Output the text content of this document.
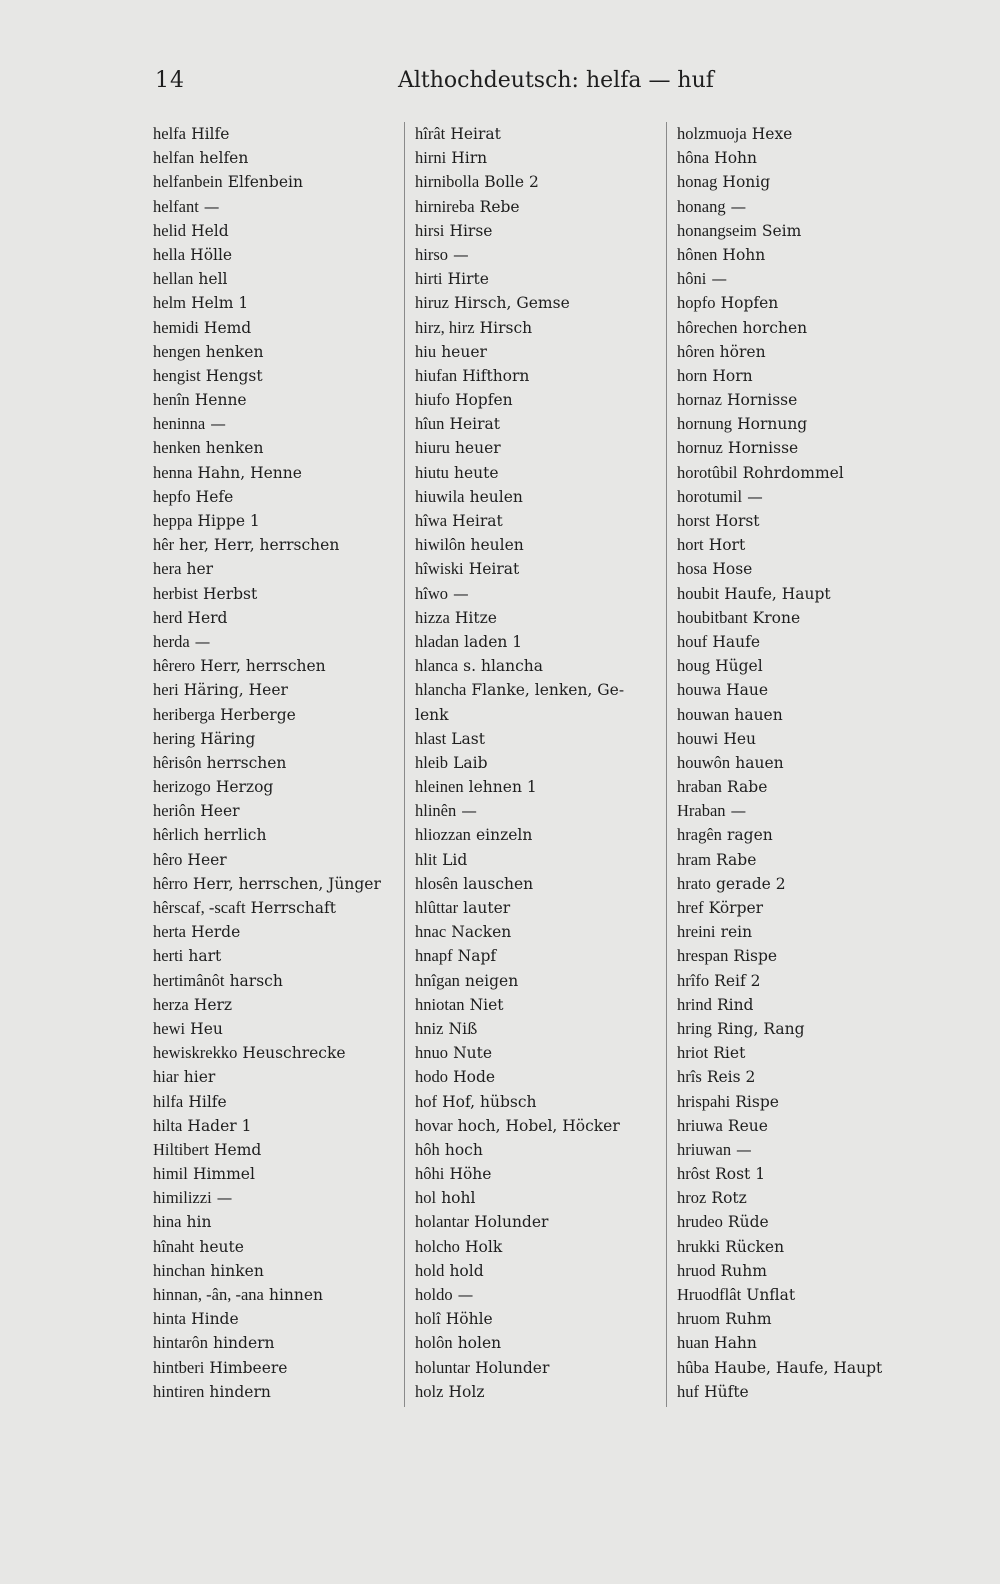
14	Althochdeutsch: helfa — huf
helfa Hilfe
helfan helfen
helfanbein Elfenbein
helfant —
helid Held
hella Hölle
hellan hell
helm Helm 1
hemidi Hemd
hengen henken
hengist Hengst
henîn Henne
heninna —
henken henken
henna Hahn, Henne
hepfo Hefe
heppa Hippe 1
hêr her, Herr, herrschen
hera her
herbist Herbst
herd Herd
herda —
hêrero Herr, herrschen
heri Häring, Heer
heriberga Herberge
hering Häring
hêrisôn herrschen
herizogo Herzog
heriôn Heer
hêrlich herrlich
hêro Heer
hêrro Herr, herrschen, Jünger
hêrscaf, -scaft Herrschaft
herta Herde
herti hart
hertimânôt harsch
herza Herz
hewi Heu
hewiskrekko Heuschrecke
hiar hier
hilfa Hilfe
hilta Hader 1
Hiltibert Hemd
himil Himmel
himilizzi —
hina hin
hînaht heute
hinchan hinken
hinnan, -ân, -ana hinnen
hinta Hinde
hintarôn hindern
hintberi Himbeere
hintiren hindern
hîrât Heirat
hirni Hirn
hirnibolla Bolle 2
hirnireba Rebe
hirsi Hirse
hirso —
hirti Hirte
hiruz Hirsch, Gemse
hirz, hirz Hirsch
hiu heuer
hiufan Hifthorn
hiufo Hopfen
hîun Heirat
hiuru heuer
hiutu heute
hiuwila heulen
hîwa Heirat
hiwilôn heulen
hîwiski Heirat
hîwo —
hizza Hitze
hladan laden 1
hlanca s. hlancha
hlancha Flanke, lenken, Ge-
lenk
hlast Last
hleib Laib
hleinen lehnen 1
hlinên —
hliozzan einzeln
hlit Lid
hlosên lauschen
hlûttar lauter
hnac Nacken
hnapf Napf
hnîgan neigen
hniotan Niet
hniz Niß
hnuo Nute
hodo Hode
hof Hof, hübsch
hovar hoch, Hobel, Höcker
hôh hoch
hôhi Höhe
hol hohl
holantar Holunder
holcho Holk
hold hold
holdo —
holî Höhle
holôn holen
holuntar Holunder
holz Holz
holzmuoja Hexe
hôna Hohn
honag Honig
honang —
honangseim Seim
hônen Hohn
hôni —
hopfo Hopfen
hôrechen horchen
hôren hören
horn Horn
hornaz Hornisse
hornung Hornung
hornuz Hornisse
horotûbil Rohrdommel
horotumil —
horst Horst
hort Hort
hosa Hose
houbit Haufe, Haupt
houbitbant Krone
houf Haufe
houg Hügel
houwa Haue
houwan hauen
houwi Heu
houwôn hauen
hraban Rabe
Hraban —
hragên ragen
hram Rabe
hrato gerade 2
href Körper
hreini rein
hrespan Rispe
hrîfo Reif 2
hrind Rind
hring Ring, Rang
hriot Riet
hrîs Reis 2
hrispahi Rispe
hriuwa Reue
hriuwan —
hrôst Rost 1
hroz Rotz
hrudeo Rüde
hrukki Rücken
hruod Ruhm
Hruodflât Unflat
hruom Ruhm
huan Hahn
hûba Haube, Haufe, Haupt
huf Hüfte
